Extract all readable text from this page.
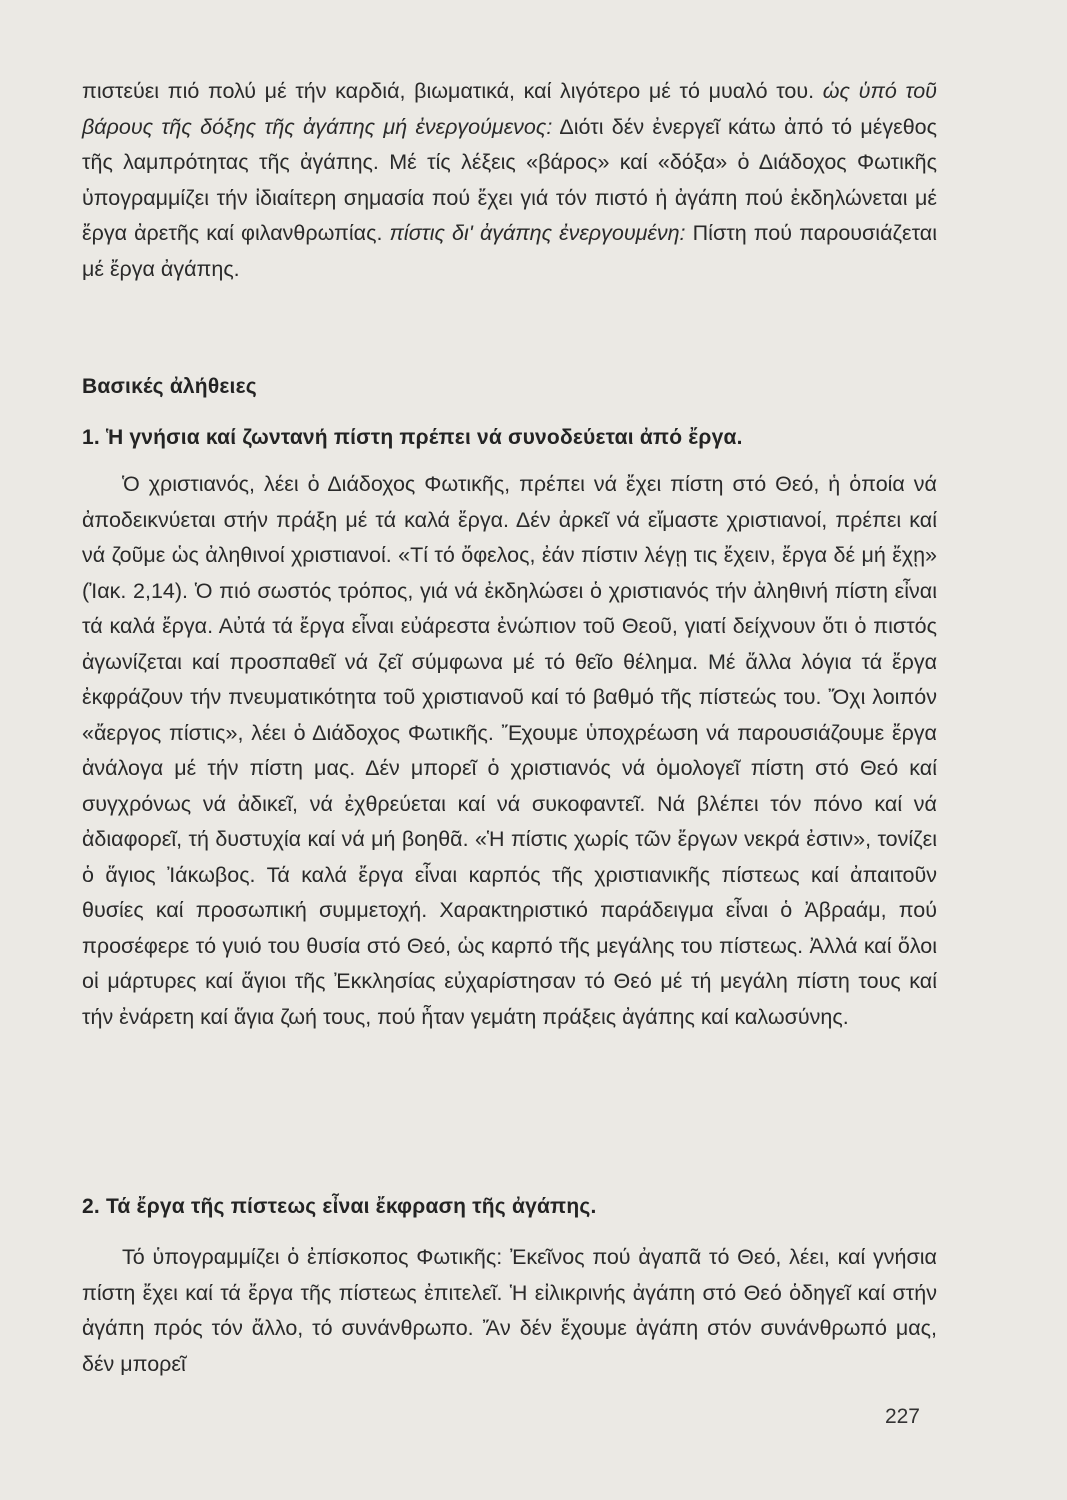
πιστεύει πιό πολύ μέ τήν καρδιά, βιωματικά, καί λιγότερο μέ τό μυαλό του. ὡς ὑπό τοῦ βάρους τῆς δόξης τῆς ἀγάπης μή ἐνεργούμενος: Διότι δέν ἐνεργεῖ κάτω ἀπό τό μέγεθος τῆς λαμπρότητας τῆς ἀγάπης. Μέ τίς λέξεις «βάρος» καί «δόξα» ὁ Διάδοχος Φωτικῆς ὑπογραμμίζει τήν ἰδιαίτερη σημασία πού ἔχει γιά τόν πιστό ἡ ἀγάπη πού ἐκδηλώνεται μέ ἔργα ἀρετῆς καί φιλανθρωπίας. πίστις δι' ἀγάπης ἐνεργουμένη: Πίστη πού παρουσιάζεται μέ ἔργα ἀγάπης.

Βασικές ἀλήθειες
1. Ἡ γνήσια καί ζωντανή πίστη πρέπει νά συνοδεύεται ἀπό ἔργα.

Ὁ χριστιανός, λέει ὁ Διάδοχος Φωτικῆς, πρέπει νά ἔχει πίστη στό Θεό, ἡ ὁποία νά ἀποδεικνύεται στήν πράξη μέ τά καλά ἔργα. Δέν ἀρκεῖ νά εἴμαστε χριστιανοί, πρέπει καί νά ζοῦμε ὡς ἀληθινοί χριστιανοί. «Τί τό ὄφελος, ἐάν πίστιν λέγῃ τις ἔχειν, ἔργα δέ μή ἔχῃ» (Ἰακ. 2,14). Ὁ πιό σωστός τρόπος, γιά νά ἐκδηλώσει ὁ χριστιανός τήν ἀληθινή πίστη εἶναι τά καλά ἔργα. Αὐτά τά ἔργα εἶναι εὐάρεστα ἐνώπιον τοῦ Θεοῦ, γιατί δείχνουν ὅτι ὁ πιστός ἀγωνίζεται καί προσπαθεῖ νά ζεῖ σύμφωνα μέ τό θεῖο θέλημα. Μέ ἄλλα λόγια τά ἔργα ἐκφράζουν τήν πνευματικότητα τοῦ χριστιανοῦ καί τό βαθμό τῆς πίστεώς του. Ὄχι λοιπόν «ἄεργος πίστις», λέει ὁ Διάδοχος Φωτικῆς. Ἔχουμε ὑποχρέωση νά παρουσιάζουμε ἔργα ἀνάλογα μέ τήν πίστη μας. Δέν μπορεῖ ὁ χριστιανός νά ὁμολογεῖ πίστη στό Θεό καί συγχρόνως νά ἀδικεῖ, νά ἐχθρεύεται καί νά συκοφαντεῖ. Νά βλέπει τόν πόνο καί νά ἀδιαφορεῖ, τή δυστυχία καί νά μή βοηθᾶ. «Ἡ πίστις χωρίς τῶν ἔργων νεκρά ἐστιν», τονίζει ὁ ἅγιος Ἰάκωβος. Τά καλά ἔργα εἶναι καρπός τῆς χριστιανικῆς πίστεως καί ἀπαιτοῦν θυσίες καί προσωπική συμμετοχή. Χαρακτηριστικό παράδειγμα εἶναι ὁ Ἀβραάμ, πού προσέφερε τό γυιό του θυσία στό Θεό, ὡς καρπό τῆς μεγάλης του πίστεως. Ἀλλά καί ὅλοι οἱ μάρτυρες καί ἅγιοι τῆς Ἐκκλησίας εὐχαρίστησαν τό Θεό μέ τή μεγάλη πίστη τους καί τήν ἐνάρετη καί ἅγια ζωή τους, πού ἦταν γεμάτη πράξεις ἀγάπης καί καλωσύνης.

2. Τά ἔργα τῆς πίστεως εἶναι ἔκφραση τῆς ἀγάπης.

Τό ὑπογραμμίζει ὁ ἐπίσκοπος Φωτικῆς: Ἐκεῖνος πού ἀγαπᾶ τό Θεό, λέει, καί γνήσια πίστη ἔχει καί τά ἔργα τῆς πίστεως ἐπιτελεῖ. Ἡ εἰλικρινής ἀγάπη στό Θεό ὁδηγεῖ καί στήν ἀγάπη πρός τόν ἄλλο, τό συνάνθρωπο. Ἄν δέν ἔχουμε ἀγάπη στόν συνάνθρωπό μας, δέν μπορεῖ

227
